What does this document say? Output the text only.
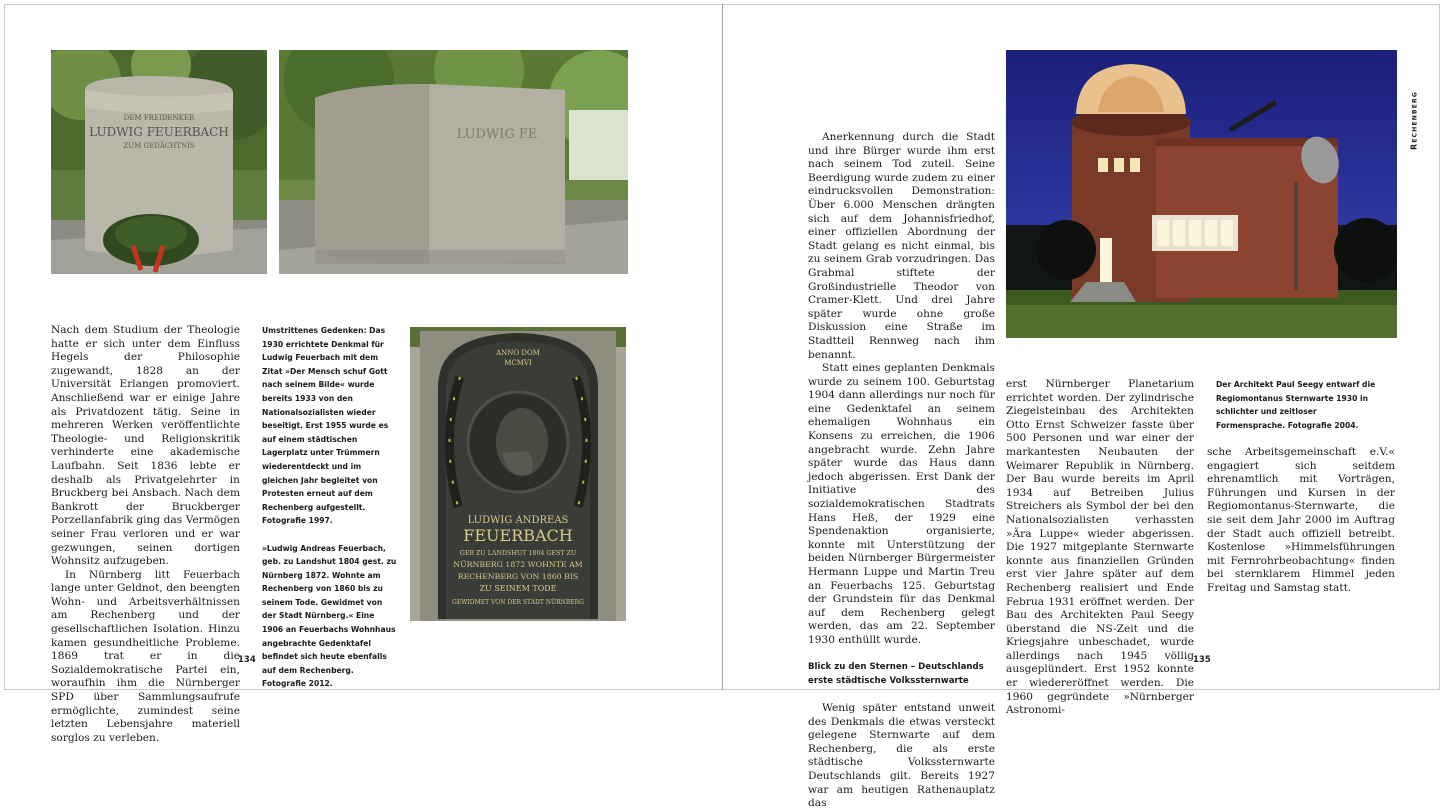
DEM FREIDENKER
LUDWIG FEUERBACH
ZUM GEDÄCHTNIS
LUDWIG FE
ANNO DOM
MCMVI
LUDWIG ANDREAS
FEUERBACH
GEB ZU LANDSHUT 1804 GEST ZU
NÜRNBERG 1872 WOHNTE AM
RECHENBERG VON 1860 BIS
ZU SEINEM TODE
GEWIDMET VON DER STADT NÜRNBERG

Nach dem Studium der Theologie hatte er sich unter dem Einfluss Hegels der Philosophie zugewandt, 1828 an der Universität Erlangen promoviert. Anschließend war er einige Jahre als Privatdozent tätig. Seine in mehreren Werken veröffentlichte Theologie- und Religionskritik verhinderte eine akademische Laufbahn. Seit 1836 lebte er deshalb als Privatgelehrter in Bruckberg bei Ansbach. Nach dem Bankrott der Bruckberger Porzellanfabrik ging das Vermögen seiner Frau verloren und er war gezwungen, seinen dortigen Wohnsitz aufzugeben.

In Nürnberg litt Feuerbach lange unter Geldnot, den beengten Wohn- und Arbeitsverhältnissen am Rechenberg und der gesellschaftlichen Isolation. Hinzu kamen gesundheitliche Probleme. 1869 trat er in die Sozialdemokratische Partei ein, woraufhin ihm die Nürnberger SPD über Sammlungsaufrufe ermöglichte, zumindest seine letzten Lebensjahre materiell sorglos zu verleben.

Umstrittenes Gedenken: Das 1930 errichtete Denkmal für Ludwig Feuerbach mit dem Zitat »Der Mensch schuf Gott nach seinem Bilde« wurde bereits 1933 von den Nationalsozialisten wieder beseitigt. Erst 1955 wurde es auf einem städtischen Lagerplatz unter Trümmern wiederentdeckt und im gleichen Jahr begleitet von Protesten erneut auf dem Rechenberg aufgestellt. Fotografie 1997.

»Ludwig Andreas Feuerbach, geb. zu Landshut 1804 gest. zu Nürnberg 1872. Wohnte am Rechenberg von 1860 bis zu seinem Tode. Gewidmet von der Stadt Nürnberg.« Eine 1906 an Feuerbachs Wohnhaus angebrachte Gedenktafel befindet sich heute ebenfalls auf dem Rechenberg. Fotografie 2012.

Anerkennung durch die Stadt und ihre Bürger wurde ihm erst nach seinem Tod zuteil. Seine Beerdigung wurde zudem zu einer eindrucksvollen Demonstration: Über 6.000 Menschen drängten sich auf dem Johannisfriedhof, einer offiziellen Abordnung der Stadt gelang es nicht einmal, bis zu seinem Grab vorzudringen. Das Grabmal stiftete der Großindustrielle Theodor von Cramer-Klett. Und drei Jahre später wurde ohne große Diskussion eine Straße im Stadtteil Rennweg nach ihm benannt.

Statt eines geplanten Denkmals wurde zu seinem 100. Geburtstag 1904 dann allerdings nur noch für eine Gedenktafel an seinem ehemaligen Wohnhaus ein Konsens zu erreichen, die 1906 angebracht wurde. Zehn Jahre später wurde das Haus dann jedoch abgerissen. Erst Dank der Initiative des sozialdemokratischen Stadtrats Hans Heß, der 1929 eine Spendenaktion organisierte, konnte mit Unterstützung der beiden Nürnberger Bürgermeister Hermann Luppe und Martin Treu an Feuerbachs 125. Geburtstag der Grundstein für das Denkmal auf dem Rechenberg gelegt werden, das am 22. September 1930 enthüllt wurde.

Blick zu den Sternen – Deutschlands erste städtische Volkssternwarte

Wenig später entstand unweit des Denkmals die etwas versteckt gelegene Sternwarte auf dem Rechenberg, die als erste städtische Volkssternwarte Deutschlands gilt. Bereits 1927 war am heutigen Rathenauplatz das

erst Nürnberger Planetarium errichtet worden. Der zylindrische Ziegelsteinbau des Architekten Otto Ernst Schweizer fasste über 500 Personen und war einer der markantesten Neubauten der Weimarer Republik in Nürnberg. Der Bau wurde bereits im April 1934 auf Betreiben Julius Streichers als Symbol der bei den Nationalsozialisten verhassten »Ära Luppe« wieder abgerissen. Die 1927 mitgeplante Sternwarte konnte aus finanziellen Gründen erst vier Jahre später auf dem Rechenberg realisiert und Ende Februa 1931 eröffnet werden. Der Bau des Architekten Paul Seegy überstand die NS-Zeit und die Kriegsjahre unbeschadet, wurde allerdings nach 1945 völlig ausgeplündert. Erst 1952 konnte er wiedereröffnet werden. Die 1960 gegründete »Nürnberger Astronomi-

Der Architekt Paul Seegy entwarf die Regiomontanus Sternwarte 1930 in schlichter und zeitloser Formensprache. Fotografie 2004.

sche Arbeitsgemeinschaft e.V.« engagiert sich seitdem ehrenamtlich mit Vorträgen, Führungen und Kursen in der Regiomontanus-Sternwarte, die sie seit dem Jahr 2000 im Auftrag der Stadt auch offiziell betreibt. Kostenlose »Himmelsführungen mit Fernrohrbeobachtung« finden bei sternklarem Himmel jeden Freitag und Samstag statt.

Rechenberg
134	135
